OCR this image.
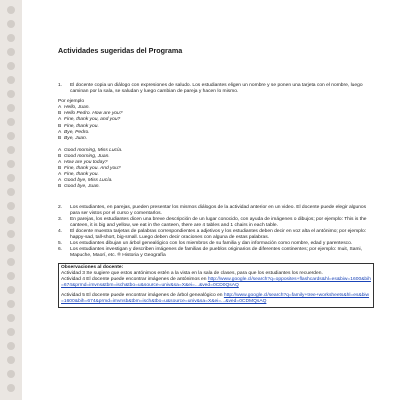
Actividades sugeridas del Programa
1.	El docente copia un diálogo con expresiones de saludo. Los estudiantes eligen un nombre y se ponen una tarjeta con el nombre, luego caminan por la sala, se saludan y luego cambian de pareja y hacen lo mismo.
Por ejemplo
A Hello, Juan.
B Hello Pedro. How are you?
A Fine, thank you, and you?
B Fine, thank you.
A Bye, Pedro.
B Bye, Juan.
A Good morning, Miss Lucía.
B Good morning, Juan.
A How are you today?
B Fine, thank you. And you?
A Fine, thank you.
A Good bye, Miss Lucía.
B Good bye, Juan.
2.	Los estudiantes, en parejas, pueden presentar los mismos diálogos de la actividad anterior en un video. El docente puede elegir algunos para ser vistos por el curso y comentarlos.
3.	En parejas, los estudiantes dicen una breve descripción de un lugar conocido, con ayuda de imágenes o dibujos; por ejemplo: This is the canteen, it is big and yellow, we eat in the canteen, there are 4 tables and 1 chairs in each table.
4.	El docente muestra tarjetas de palabras correspondientes a adjetivos y los estudiantes deben decir en voz alta el antónimo; por ejemplo: happy-sad, tall-short, big-small. Luego deben decir oraciones con alguna de estas palabras.
5.	Los estudiantes dibujan un árbol genealógico con los miembros de su familia y dan información como nombre, edad y parentesco.
6.	Los estudiantes investigan y describen imágenes de familias de pueblos originarios de diferentes continentes; por ejemplo: Inuit, Sami, Mapuche, Maorí, etc. ® Historia y Geografía
Observaciones al docente:
Actividad 3 Se sugiere que estos antónimos estén a la vista en la sala de clases, para que los estudiantes los recuerden.
Actividad 4 El docente puede encontrar imágenes de antónimos en http://www.google.cl/search?q=opposites+flashcards&hl=es&biw=1600&bih=674&prmd=imvns&tbm=isch&tbo=u&source=univ&sa=X&ei=...&ved=0CD0QsAQ
Actividad 5 El docente puede encontrar imágenes de árbol genealógico en http://www.google.cl/search?q=family+tree+worksheets&hl=es&biw=1600&bih=674&prmd=imvnsb&tbm=isch&tbo=u&source=univ&sa=X&ei=...&ved=0CDMQsAQ
